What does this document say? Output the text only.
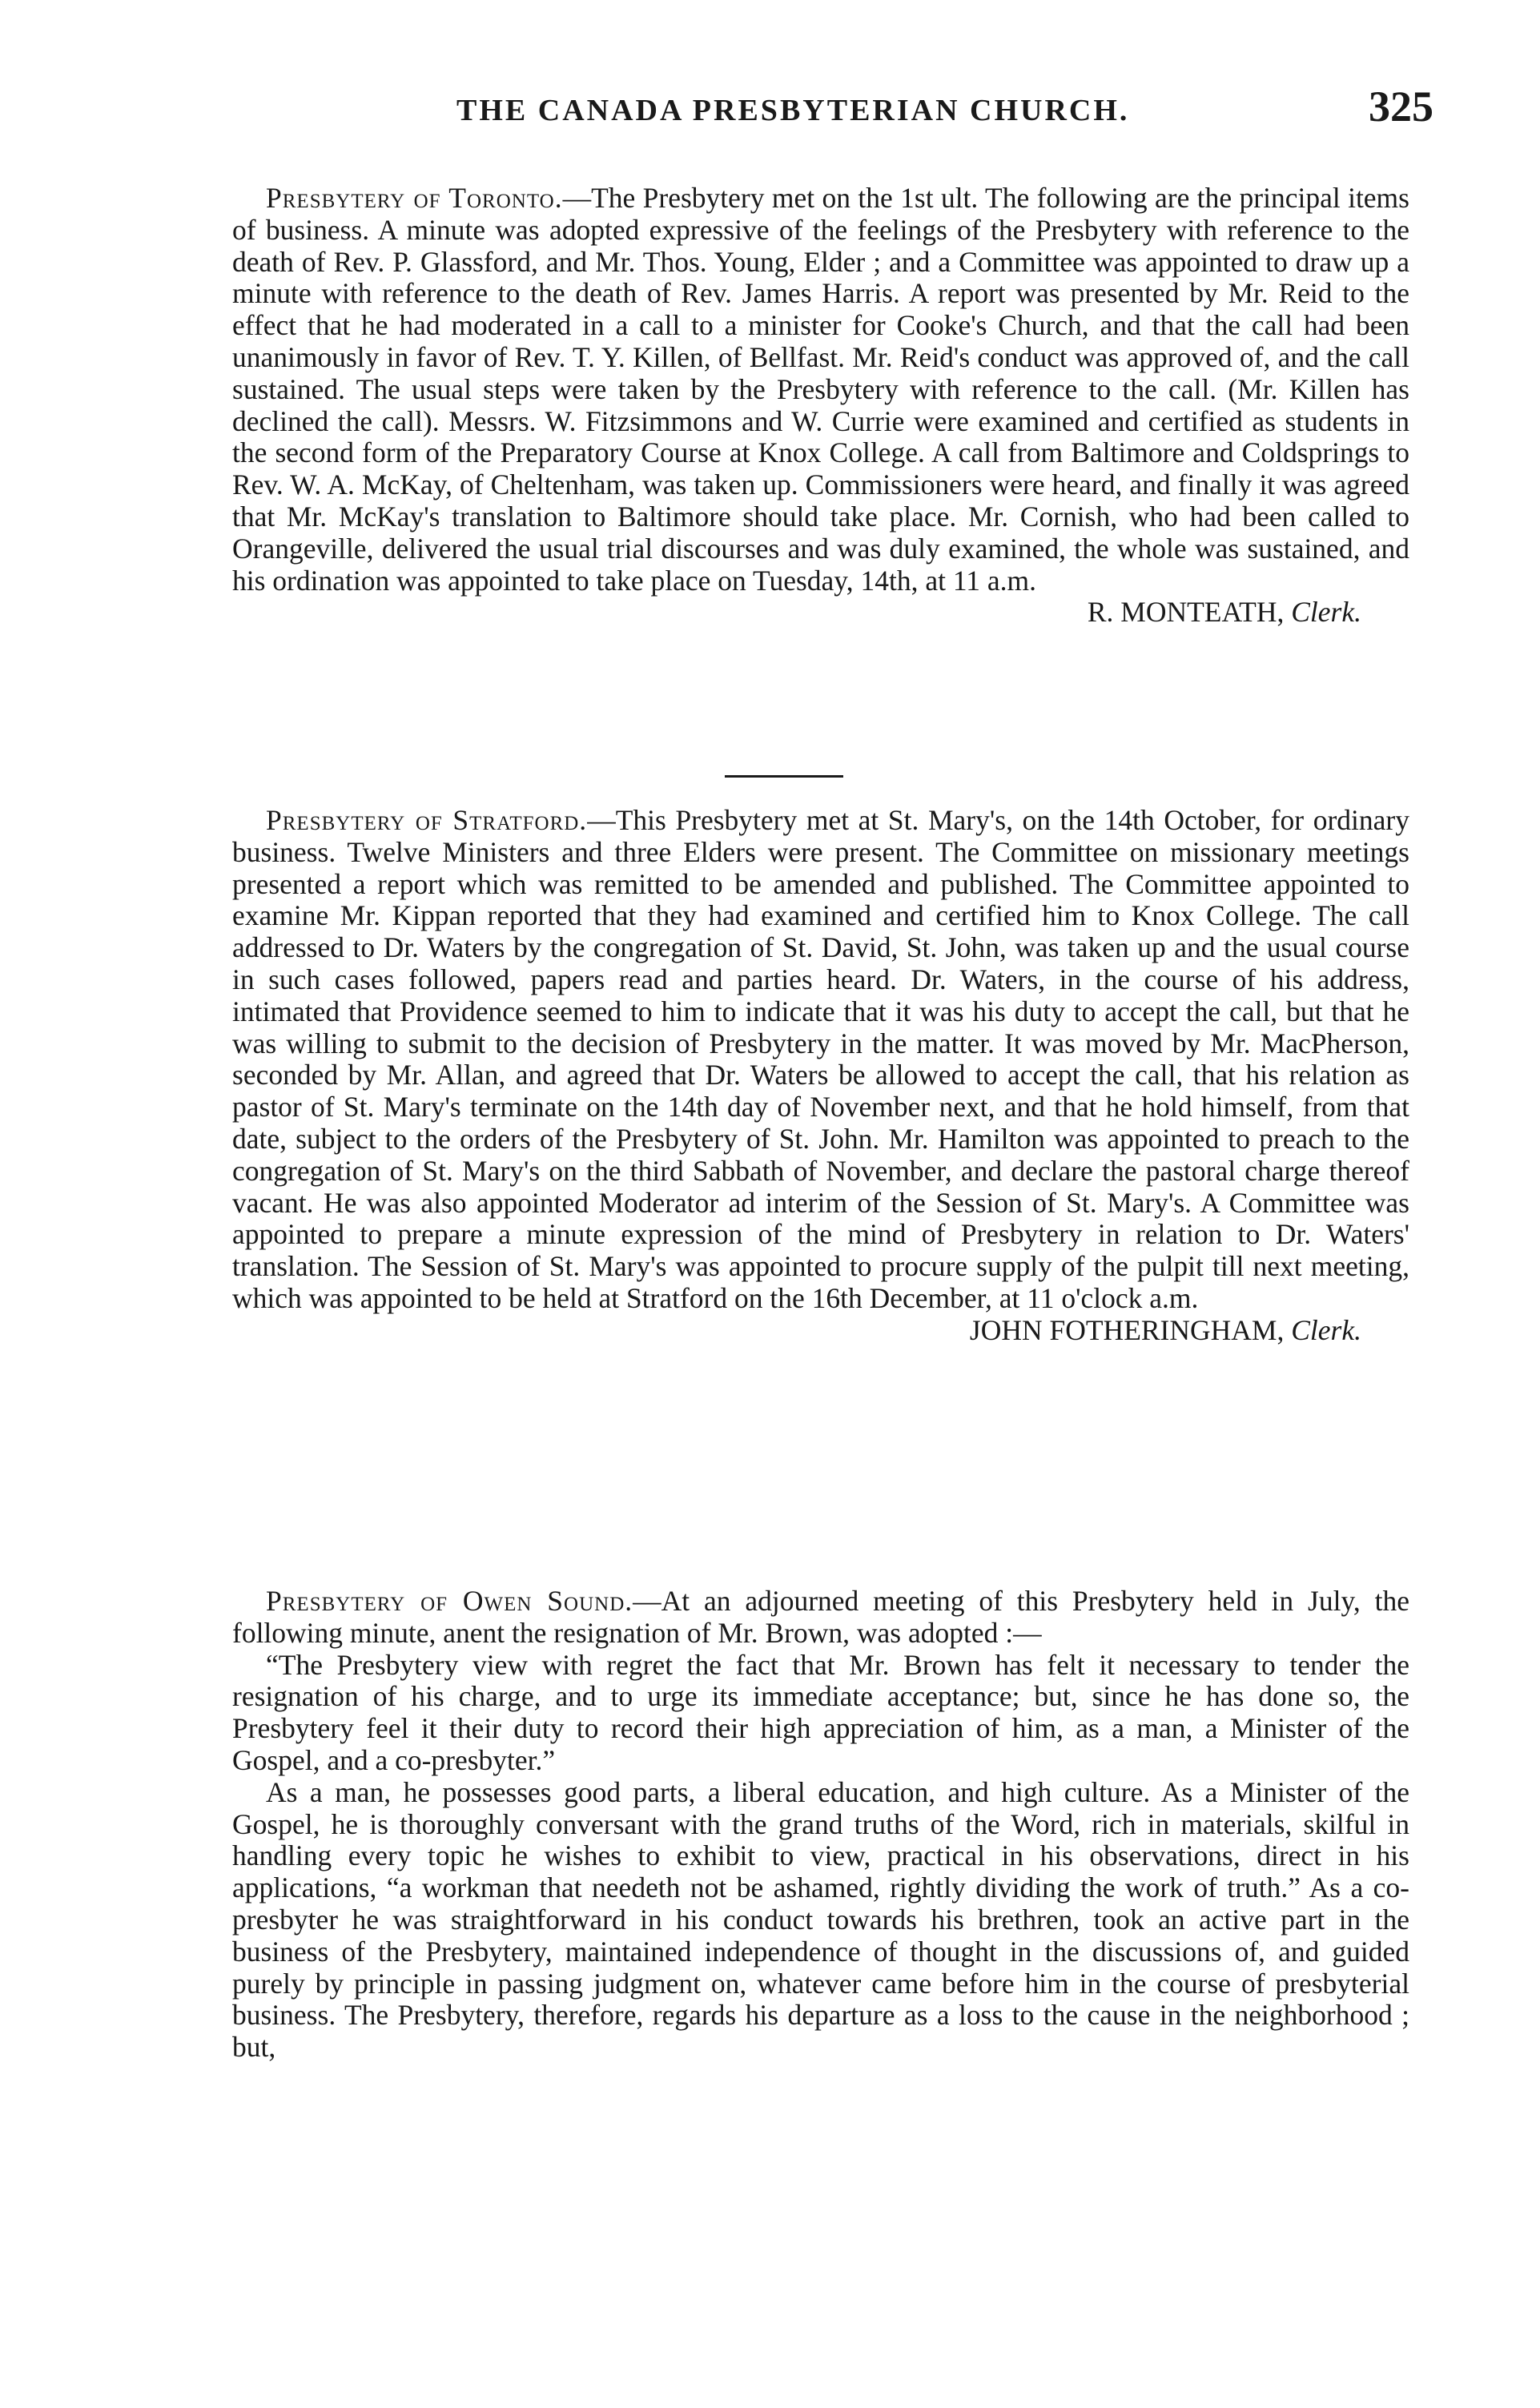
THE CANADA PRESBYTERIAN CHURCH.	325

Presbytery of Toronto.—The Presbytery met on the 1st ult. The following are the principal items of business. A minute was adopted expressive of the feelings of the Presbytery with reference to the death of Rev. P. Glassford, and Mr. Thos. Young, Elder ; and a Committee was appointed to draw up a minute with reference to the death of Rev. James Harris. A report was presented by Mr. Reid to the effect that he had moderated in a call to a minister for Cooke's Church, and that the call had been unanimously in favor of Rev. T. Y. Killen, of Bellfast. Mr. Reid's conduct was approved of, and the call sustained. The usual steps were taken by the Presbytery with reference to the call. (Mr. Killen has declined the call). Messrs. W. Fitzsimmons and W. Currie were examined and certified as students in the second form of the Preparatory Course at Knox College. A call from Baltimore and Coldsprings to Rev. W. A. McKay, of Cheltenham, was taken up. Commissioners were heard, and finally it was agreed that Mr. McKay's translation to Baltimore should take place. Mr. Cornish, who had been called to Orangeville, delivered the usual trial discourses and was duly examined, the whole was sustained, and his ordination was appointed to take place on Tuesday, 14th, at 11 a.m.

R. MONTEATH, Clerk.

Presbytery of Stratford.—This Presbytery met at St. Mary's, on the 14th October, for ordinary business. Twelve Ministers and three Elders were present. The Committee on missionary meetings presented a report which was remitted to be amended and published. The Committee appointed to examine Mr. Kippan reported that they had examined and certified him to Knox College. The call addressed to Dr. Waters by the congregation of St. David, St. John, was taken up and the usual course in such cases followed, papers read and parties heard. Dr. Waters, in the course of his address, intimated that Providence seemed to him to indicate that it was his duty to accept the call, but that he was willing to submit to the decision of Presbytery in the matter. It was moved by Mr. MacPherson, seconded by Mr. Allan, and agreed that Dr. Waters be allowed to accept the call, that his relation as pastor of St. Mary's terminate on the 14th day of November next, and that he hold himself, from that date, subject to the orders of the Presbytery of St. John. Mr. Hamilton was appointed to preach to the congregation of St. Mary's on the third Sabbath of November, and declare the pastoral charge thereof vacant. He was also appointed Moderator ad interim of the Session of St. Mary's. A Committee was appointed to prepare a minute expression of the mind of Presbytery in relation to Dr. Waters' translation. The Session of St. Mary's was appointed to procure supply of the pulpit till next meeting, which was appointed to be held at Stratford on the 16th December, at 11 o'clock a.m.

JOHN FOTHERINGHAM, Clerk.

Presbytery of Owen Sound.—At an adjourned meeting of this Presbytery held in July, the following minute, anent the resignation of Mr. Brown, was adopted :—

“The Presbytery view with regret the fact that Mr. Brown has felt it necessary to tender the resignation of his charge, and to urge its immediate acceptance; but, since he has done so, the Presbytery feel it their duty to record their high appreciation of him, as a man, a Minister of the Gospel, and a co-presbyter.”

As a man, he possesses good parts, a liberal education, and high culture. As a Minister of the Gospel, he is thoroughly conversant with the grand truths of the Word, rich in materials, skilful in handling every topic he wishes to exhibit to view, practical in his observations, direct in his applications, “a workman that needeth not be ashamed, rightly dividing the work of truth.” As a co-presbyter he was straightforward in his conduct towards his brethren, took an active part in the business of the Presbytery, maintained independence of thought in the discussions of, and guided purely by principle in passing judgment on, whatever came before him in the course of presbyterial business. The Presbytery, therefore, regards his departure as a loss to the cause in the neighborhood ; but,
